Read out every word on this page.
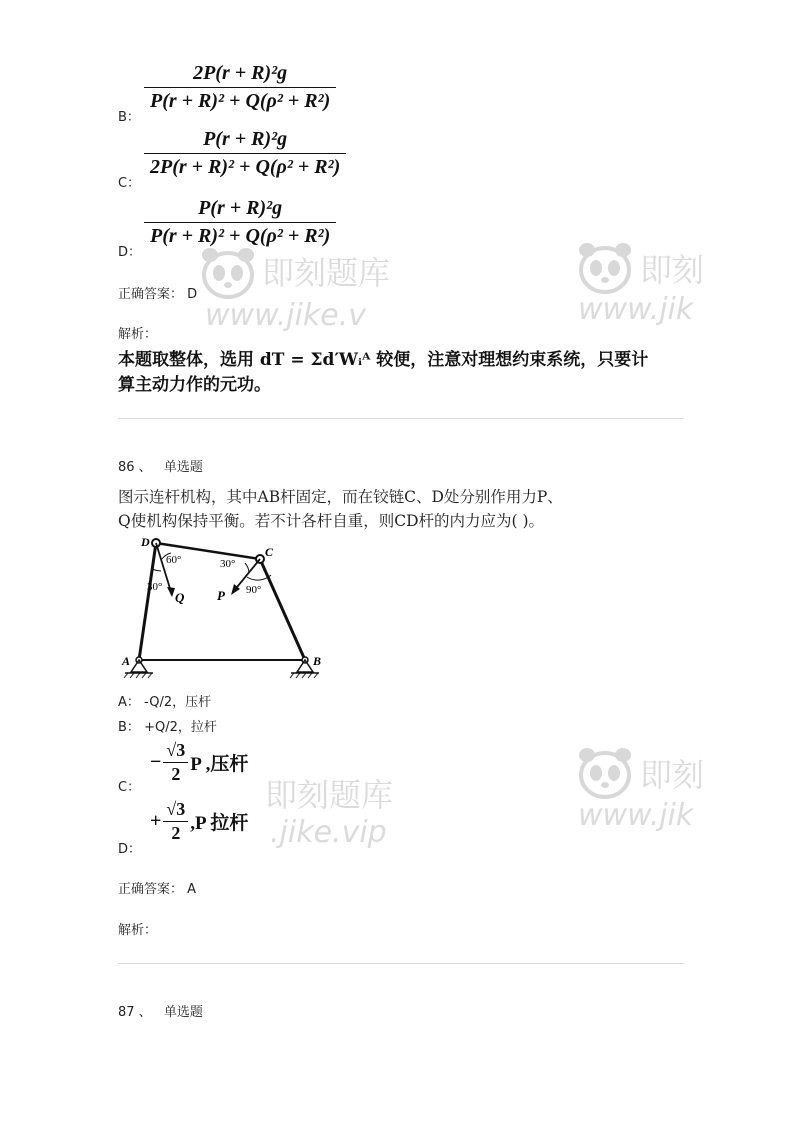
B：
$\frac{\text{2P(r + R)²g}}{\text{P(r + R)² + Q(ρ² + R²)}}$
C：
$\frac{\text{P(r + R)²g}}{\text{2P(r + R)² + Q(ρ² + R²)}}$
D：
$\frac{\text{P(r + R)²g}}{\text{P(r + R)² + Q(ρ² + R²)}}$
正确答案： D
解析：
本题取整体，选用 dT = Σd′Wᵢᴬ 较便，注意对理想约束系统，只要计
算主动力作的元功。
86 、 单选题
图示连杆机构，其中AB杆固定，而在铰链C、D处分别作用力P、
Q使机构保持平衡。若不计各杆自重，则CD杆的内力应为( )。
D
C
A	B
60°
30°
30°
90°
Q	P
A： -Q/2，压杆
B： +Q/2，拉杆
C：
− $\frac{√3}{2}$ P ,压杆
D：
+ $\frac{√3}{2} ,P$ 拉杆
正确答案： A
解析：
87 、 单选题
即刻题库
www.jike.v
即刻
www.jik
即刻题库
.jike.vip
即刻
www.jik
